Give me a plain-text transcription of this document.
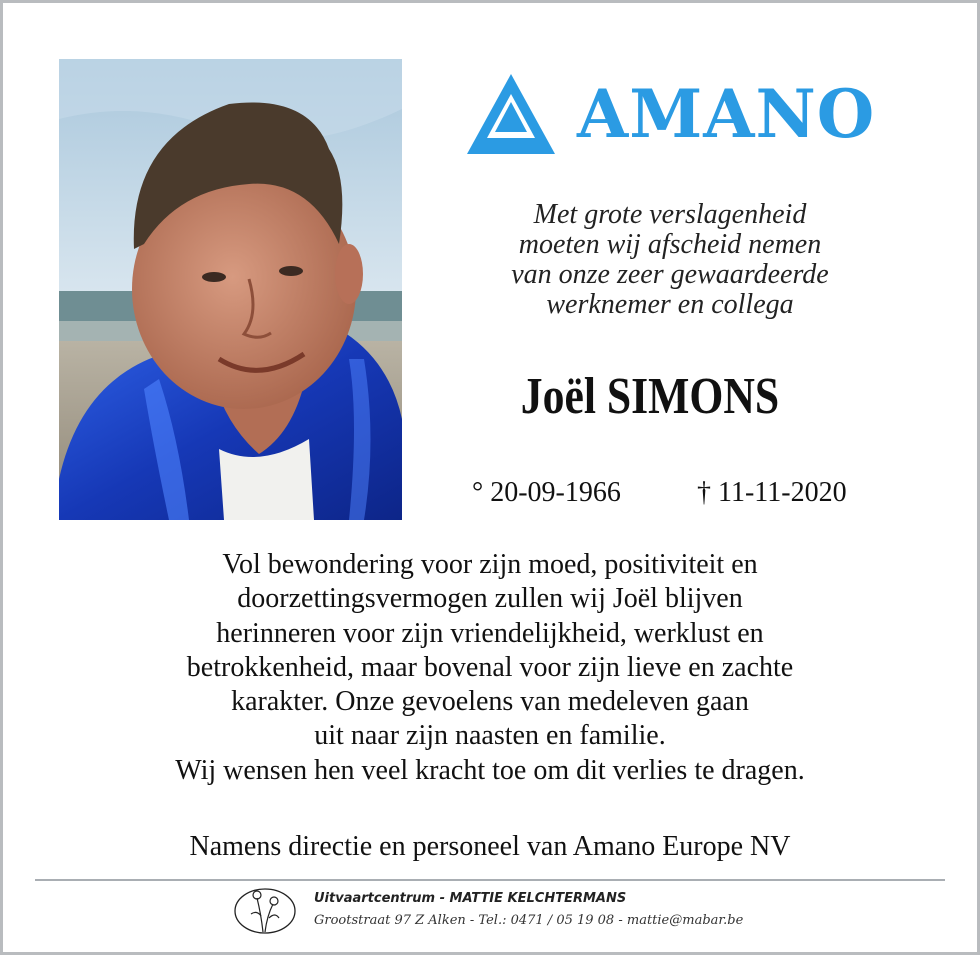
AMANO
Met grote verslagenheid
moeten wij afscheid nemen
van onze zeer gewaardeerde
werknemer en collega
Joël SIMONS
° 20-09-1966	† 11-11-2020
Vol bewondering voor zijn moed, positiviteit en
doorzettingsvermogen zullen wij Joël blijven
herinneren voor zijn vriendelijkheid, werklust en
betrokkenheid, maar bovenal voor zijn lieve en zachte
karakter. Onze gevoelens van medeleven gaan
uit naar zijn naasten en familie.
Wij wensen hen veel kracht toe om dit verlies te dragen.
Namens directie en personeel van Amano Europe NV
Uitvaartcentrum - MATTIE KELCHTERMANS
Grootstraat 97 Z Alken - Tel.: 0471 / 05 19 08 - mattie@mabar.be
